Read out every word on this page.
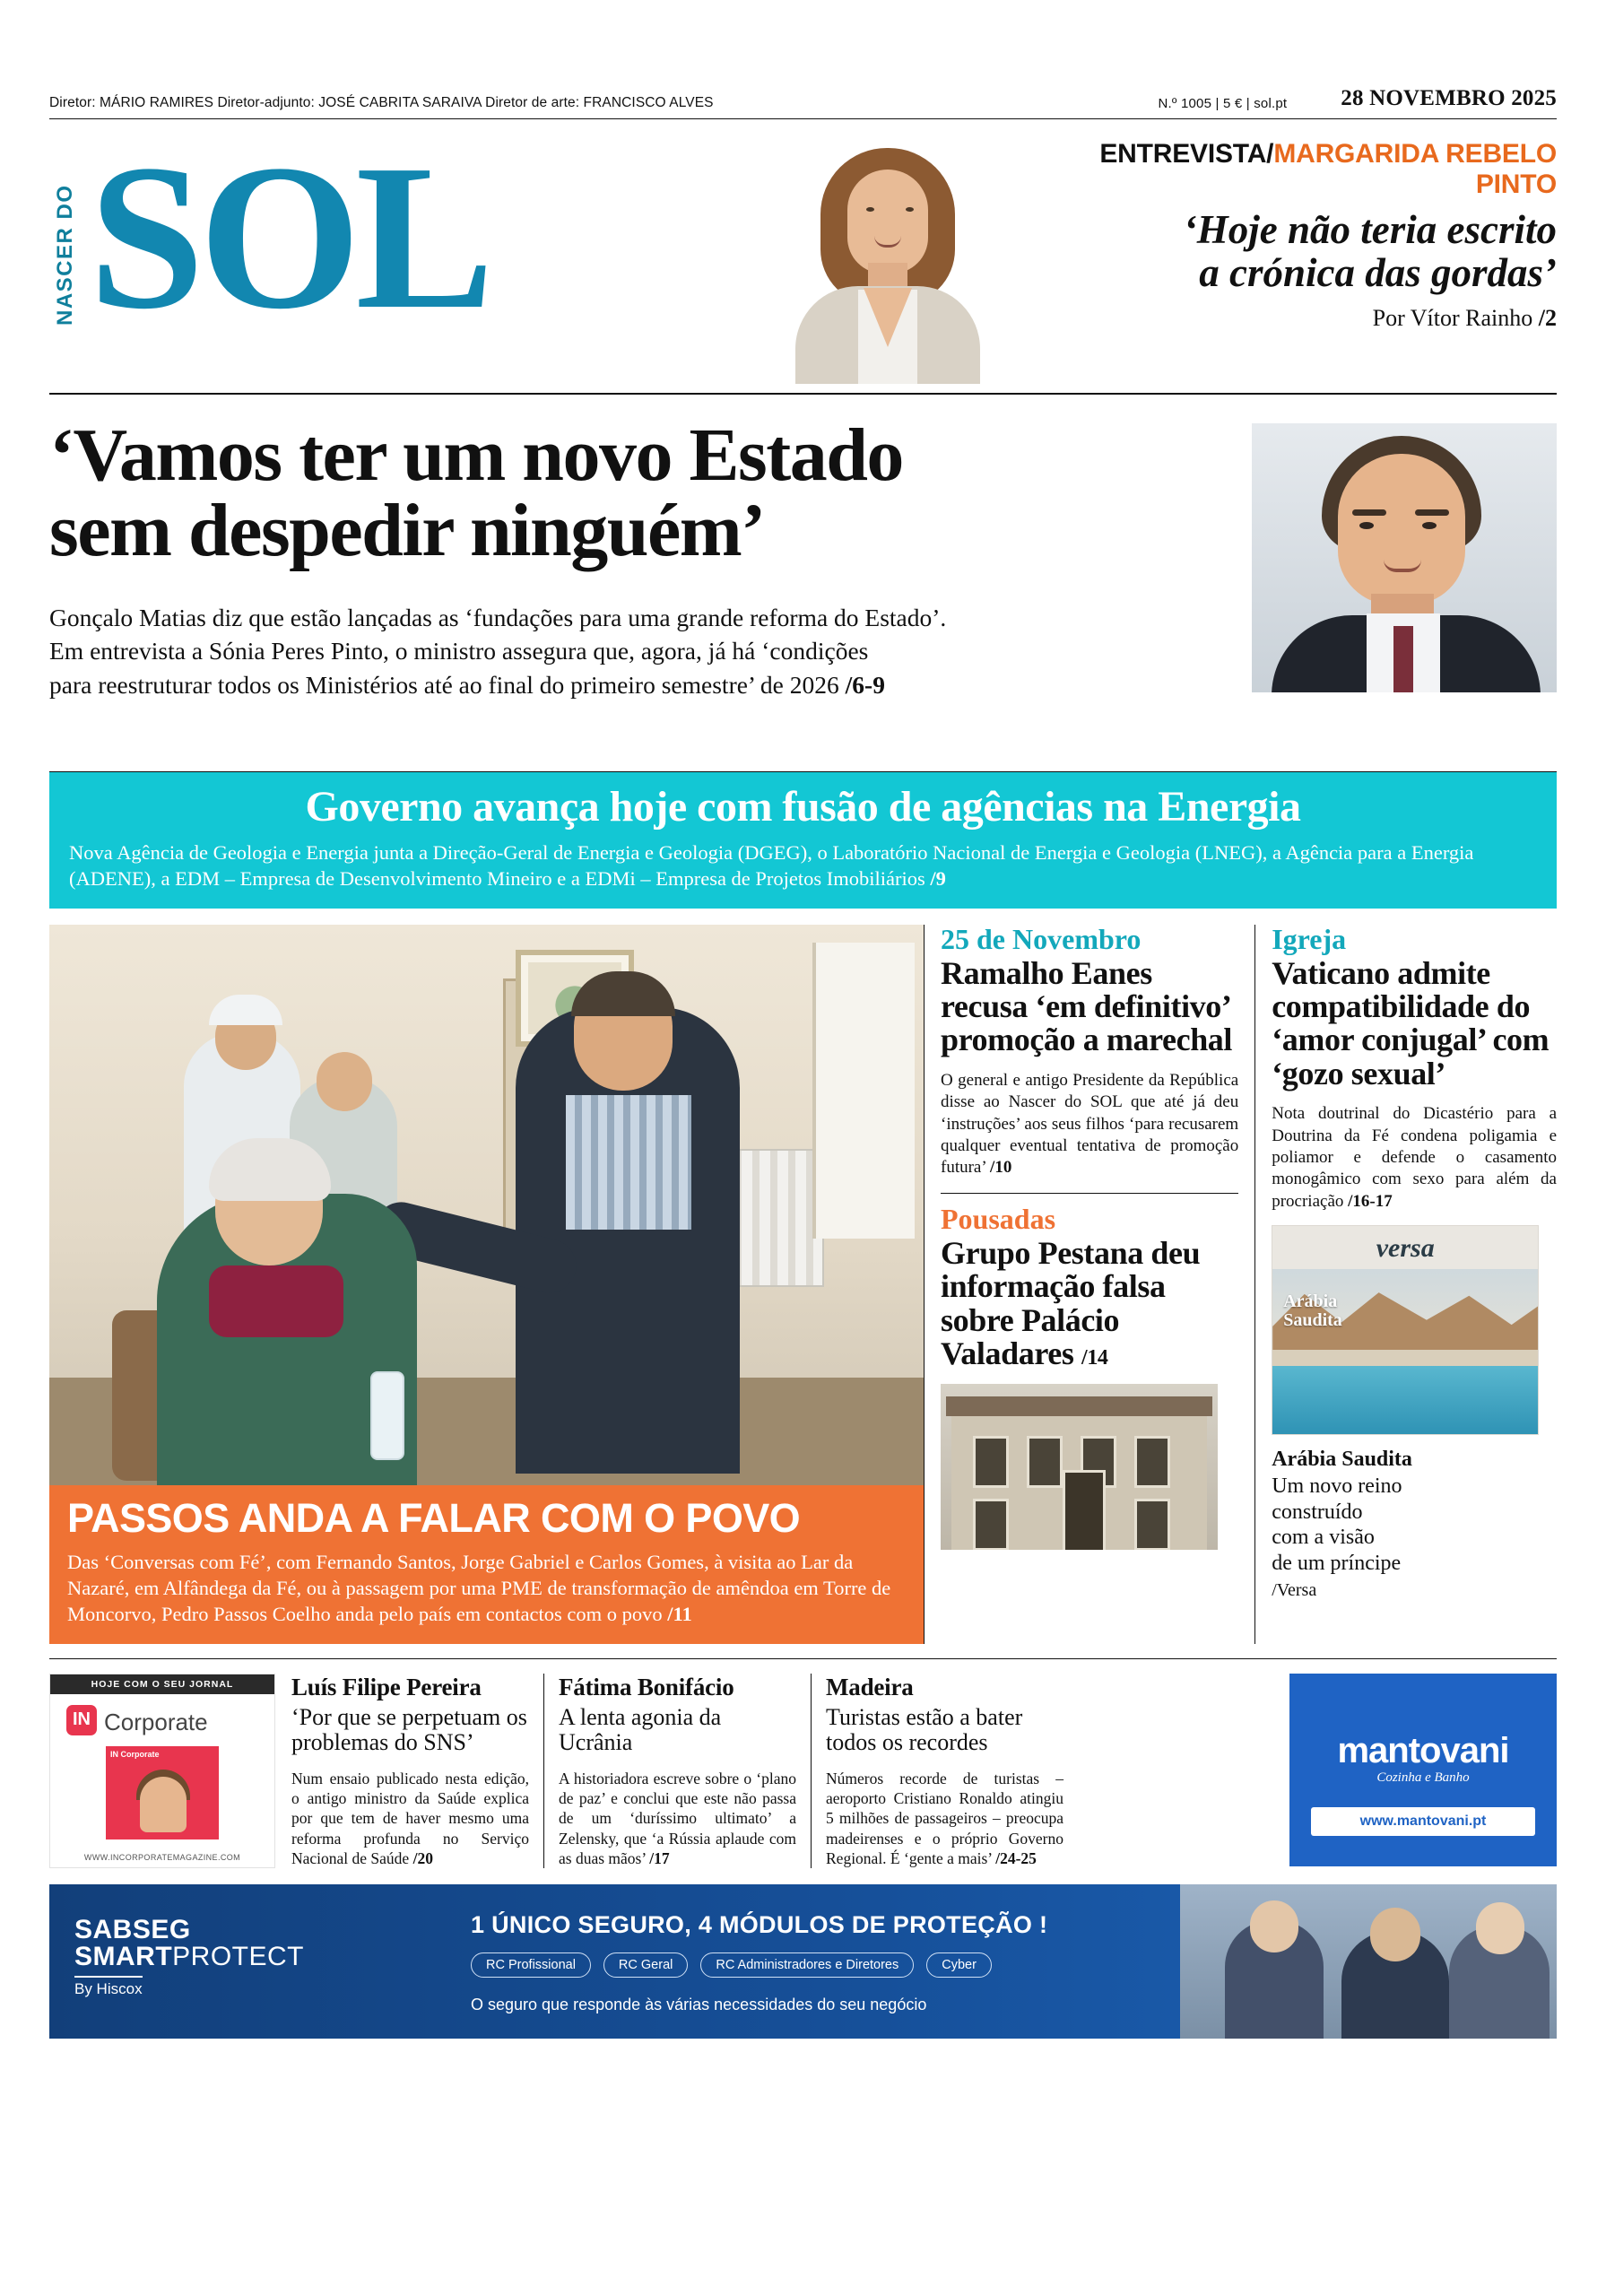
Diretor: MÁRIO RAMIRES Diretor-adjunto: JOSÉ CABRITA SARAIVA Diretor de arte: FRANCISCO ALVES	N.º 1005 | 5 € | sol.pt 28 NOVEMBRO 2025
NASCER DO SOL	ENTREVISTA/MARGARIDA REBELO PINTO
‘Hoje não teria escrito
a crónica das gordas’
Por Vítor Rainho /2
‘Vamos ter um novo Estado
sem despedir ninguém’
Gonçalo Matias diz que estão lançadas as ‘fundações para uma grande reforma do Estado’.
Em entrevista a Sónia Peres Pinto, o ministro assegura que, agora, já há ‘condições
para reestruturar todos os Ministérios até ao final do primeiro semestre’ de 2026 /6-9
Governo avança hoje com fusão de agências na Energia
Nova Agência de Geologia e Energia junta a Direção-Geral de Energia e Geologia (DGEG), o Laboratório Nacional de Energia e Geologia (LNEG), a Agência para a Energia (ADENE), a EDM – Empresa de Desenvolvimento Mineiro e a EDMi – Empresa de Projetos Imobiliários /9
PASSOS ANDA A FALAR COM O POVO
Das ‘Conversas com Fé’, com Fernando Santos, Jorge Gabriel e Carlos Gomes, à visita ao Lar da Nazaré, em Alfândega da Fé, ou à passagem por uma PME de transformação de amêndoa em Torre de Moncorvo, Pedro Passos Coelho anda pelo país em contactos com o povo /11
25 de Novembro
Ramalho Eanes recusa ‘em definitivo’ promoção a marechal
O general e antigo Presidente da República disse ao Nascer do SOL que até já deu ‘instruções’ aos seus filhos ‘para recusarem qualquer eventual tentativa de promoção futura’ /10
Pousadas
Grupo Pestana deu informação falsa sobre Palácio Valadares /14
Igreja
Vaticano admite compatibilidade do ‘amor conjugal’ com ‘gozo sexual’
Nota doutrinal do Dicastério para a Doutrina da Fé condena poligamia e poliamor e defende o casamento monogâmico com sexo para além da procriação /16-17
versa
Arábia
Saudita
Arábia Saudita
Um novo reino
construído
com a visão
de um príncipe
/Versa
HOJE COM O SEU JORNAL
IN Corporate
IN Corporate
WWW.INCORPORATEMAGAZINE.COM
Luís Filipe Pereira
‘Por que se perpetuam os problemas do SNS’
Num ensaio publicado nesta edição, o antigo ministro da Saúde explica por que tem de haver mesmo uma reforma profunda no Serviço Nacional de Saúde /20
Fátima Bonifácio
A lenta agonia da Ucrânia
A historiadora escreve sobre o ‘plano de paz’ e conclui que este não passa de um ‘duríssimo ultimato’ a Zelensky, que ‘a Rússia aplaude com as duas mãos’ /17
Madeira
Turistas estão a bater todos os recordes
Números recorde de turistas – aeroporto Cristiano Ronaldo atingiu 5 milhões de passageiros – preocupa madeirenses e o próprio Governo Regional. É ‘gente a mais’ /24-25
mantovani
Cozinha e Banho
www.mantovani.pt
SABSEG
SMARTPROTECT
By Hiscox
1 ÚNICO SEGURO, 4 MÓDULOS DE PROTEÇÃO !
RC Profissional	RC Geral	RC Administradores e Diretores	Cyber
O seguro que responde às várias necessidades do seu negócio
